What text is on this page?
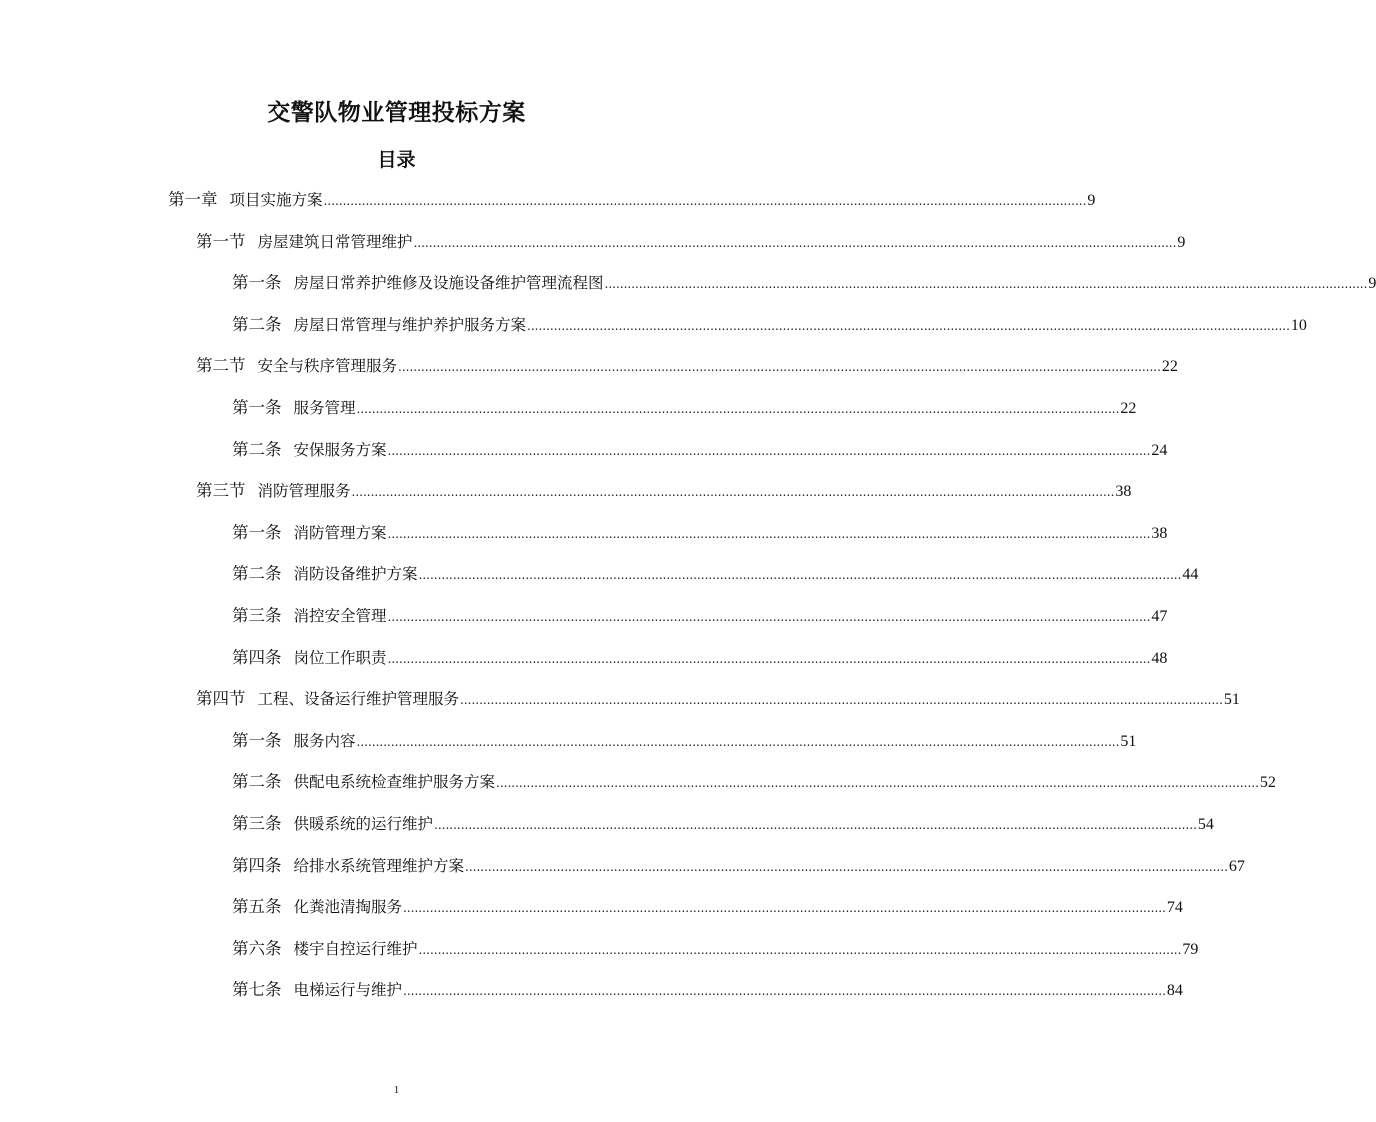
交警队物业管理投标方案
目录
第一章 项目实施方案 ........................................................................................................................................................................................................ 9
第一节 房屋建筑日常管理维护 ........................................................................................................................................................................................................ 9
第一条 房屋日常养护维修及设施设备维护管理流程图 ........................................................................................................................................................................................................ 9
第二条 房屋日常管理与维护养护服务方案 ........................................................................................................................................................................................................ 10
第二节 安全与秩序管理服务 ........................................................................................................................................................................................................ 22
第一条 服务管理 ........................................................................................................................................................................................................ 22
第二条 安保服务方案 ........................................................................................................................................................................................................ 24
第三节 消防管理服务 ........................................................................................................................................................................................................ 38
第一条 消防管理方案 ........................................................................................................................................................................................................ 38
第二条 消防设备维护方案 ........................................................................................................................................................................................................ 44
第三条 消控安全管理 ........................................................................................................................................................................................................ 47
第四条 岗位工作职责 ........................................................................................................................................................................................................ 48
第四节 工程、设备运行维护管理服务 ........................................................................................................................................................................................................ 51
第一条 服务内容 ........................................................................................................................................................................................................ 51
第二条 供配电系统检查维护服务方案 ........................................................................................................................................................................................................ 52
第三条 供暖系统的运行维护 ........................................................................................................................................................................................................ 54
第四条 给排水系统管理维护方案 ........................................................................................................................................................................................................ 67
第五条 化粪池清掏服务 ........................................................................................................................................................................................................ 74
第六条 楼宇自控运行维护 ........................................................................................................................................................................................................ 79
第七条 电梯运行与维护 ........................................................................................................................................................................................................ 84
1
